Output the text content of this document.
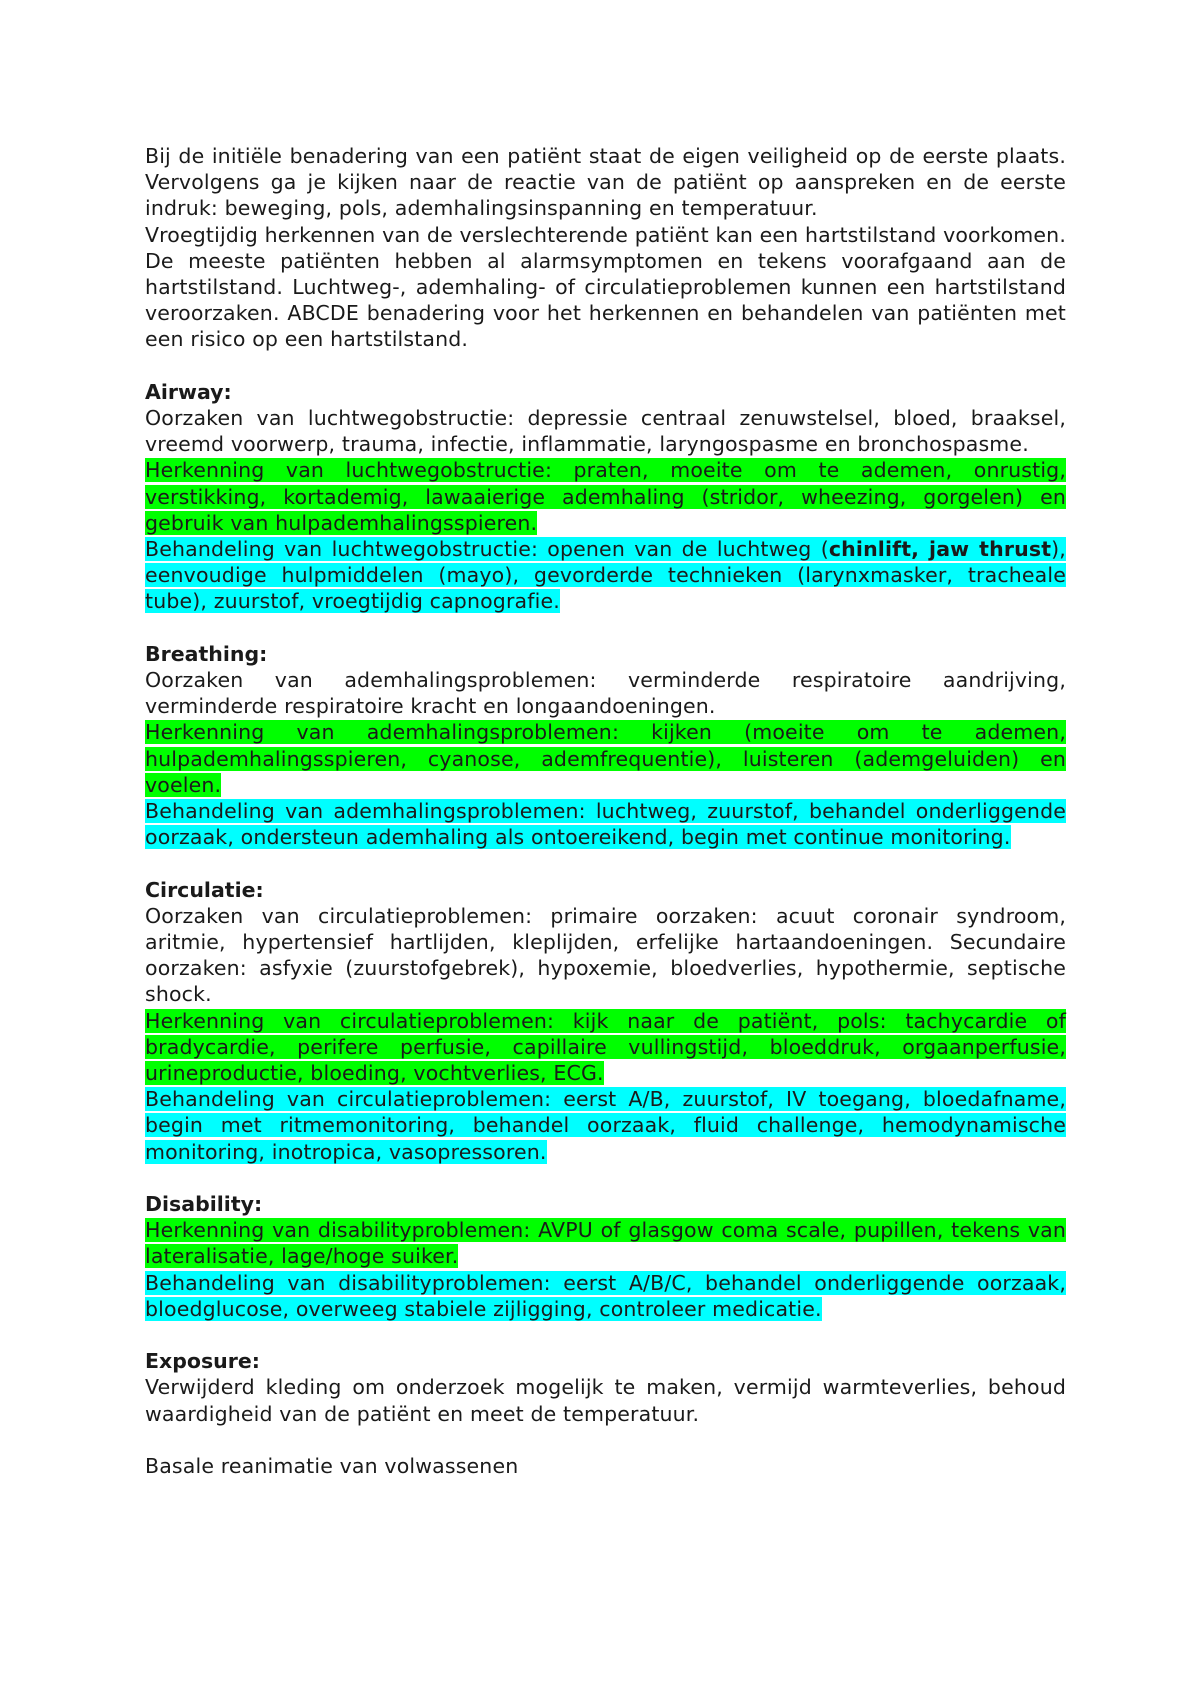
Bij de initiële benadering van een patiënt staat de eigen veiligheid op de eerste plaats. Vervolgens ga je kijken naar de reactie van de patiënt op aanspreken en de eerste indruk: beweging, pols, ademhalingsinspanning en temperatuur.

Vroegtijdig herkennen van de verslechterende patiënt kan een hartstilstand voorkomen. De meeste patiënten hebben al alarmsymptomen en tekens voorafgaand aan de hartstilstand. Luchtweg-, ademhaling- of circulatieproblemen kunnen een hartstilstand veroorzaken. ABCDE benadering voor het herkennen en behandelen van patiënten met een risico op een hartstilstand.

Airway:

Oorzaken van luchtwegobstructie: depressie centraal zenuwstelsel, bloed, braaksel, vreemd voorwerp, trauma, infectie, inflammatie, laryngospasme en bronchospasme.

Herkenning van luchtwegobstructie: praten, moeite om te ademen, onrustig, verstikking, kortademig, lawaaierige ademhaling (stridor, wheezing, gorgelen) en gebruik van hulpademhalingsspieren.

Behandeling van luchtwegobstructie: openen van de luchtweg (chinlift, jaw thrust), eenvoudige hulpmiddelen (mayo), gevorderde technieken (larynxmasker, tracheale tube), zuurstof, vroegtijdig capnografie.

Breathing:

Oorzaken van ademhalingsproblemen: verminderde respiratoire aandrijving, verminderde respiratoire kracht en longaandoeningen.

Herkenning van ademhalingsproblemen: kijken (moeite om te ademen, hulpademhalingsspieren, cyanose, ademfrequentie), luisteren (ademgeluiden) en voelen.

Behandeling van ademhalingsproblemen: luchtweg, zuurstof, behandel onderliggende oorzaak, ondersteun ademhaling als ontoereikend, begin met continue monitoring.

Circulatie:

Oorzaken van circulatieproblemen: primaire oorzaken: acuut coronair syndroom, aritmie, hypertensief hartlijden, kleplijden, erfelijke hartaandoeningen. Secundaire oorzaken: asfyxie (zuurstofgebrek), hypoxemie, bloedverlies, hypothermie, septische shock.

Herkenning van circulatieproblemen: kijk naar de patiënt, pols: tachycardie of bradycardie, perifere perfusie, capillaire vullingstijd, bloeddruk, orgaanperfusie, urineproductie, bloeding, vochtverlies, ECG.

Behandeling van circulatieproblemen: eerst A/B, zuurstof, IV toegang, bloedafname, begin met ritmemonitoring, behandel oorzaak, fluid challenge, hemodynamische monitoring, inotropica, vasopressoren.

Disability:

Herkenning van disabilityproblemen: AVPU of glasgow coma scale, pupillen, tekens van lateralisatie, lage/hoge suiker.

Behandeling van disabilityproblemen: eerst A/B/C, behandel onderliggende oorzaak, bloedglucose, overweeg stabiele zijligging, controleer medicatie.

Exposure:

Verwijderd kleding om onderzoek mogelijk te maken, vermijd warmteverlies, behoud waardigheid van de patiënt en meet de temperatuur.

Basale reanimatie van volwassenen
